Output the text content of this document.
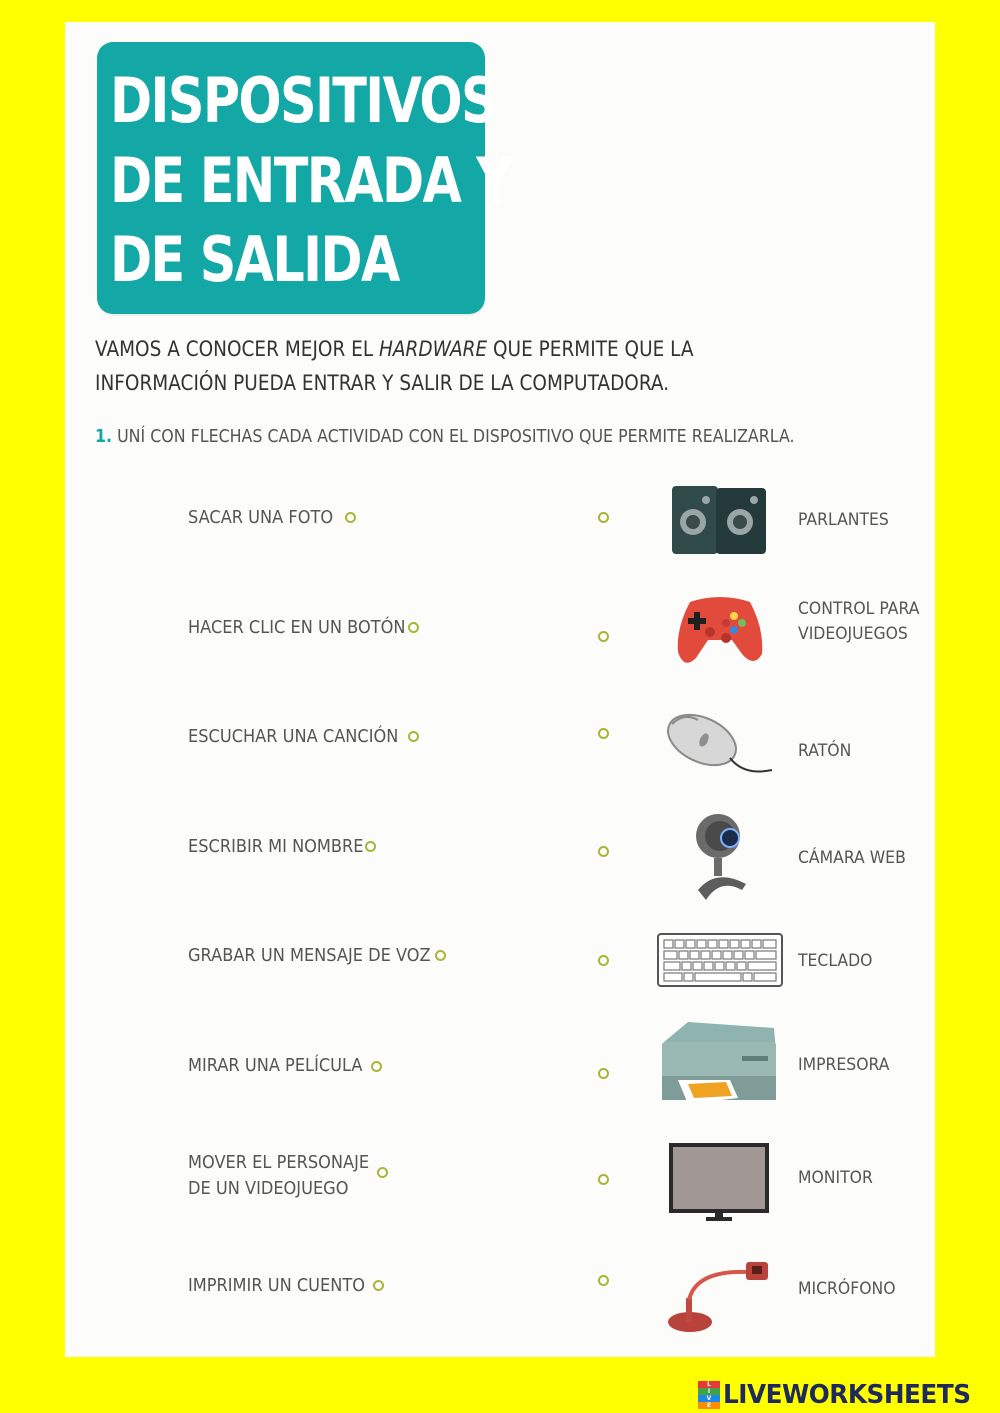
DISPOSITIVOS
DE ENTRADA Y
DE SALIDA
VAMOS A CONOCER MEJOR EL HARDWARE QUE PERMITE QUE LA
INFORMACIÓN PUEDA ENTRAR Y SALIR DE LA COMPUTADORA.
1. UNÍ CON FLECHAS CADA ACTIVIDAD CON EL DISPOSITIVO QUE PERMITE REALIZARLA.
SACAR UNA FOTO
HACER CLIC EN UN BOTÓN
ESCUCHAR UNA CANCIÓN
ESCRIBIR MI NOMBRE
GRABAR UN MENSAJE DE VOZ
MIRAR UNA PELÍCULA
MOVER EL PERSONAJE
DE UN VIDEOJUEGO
IMPRIMIR UN CUENTO
PARLANTES
CONTROL PARA
VIDEOJUEGOS
RATÓN
CÁMARA WEB
TECLADO
IMPRESORA
MONITOR
MICRÓFONO
L
I
V
E LIVEWORKSHEETS
